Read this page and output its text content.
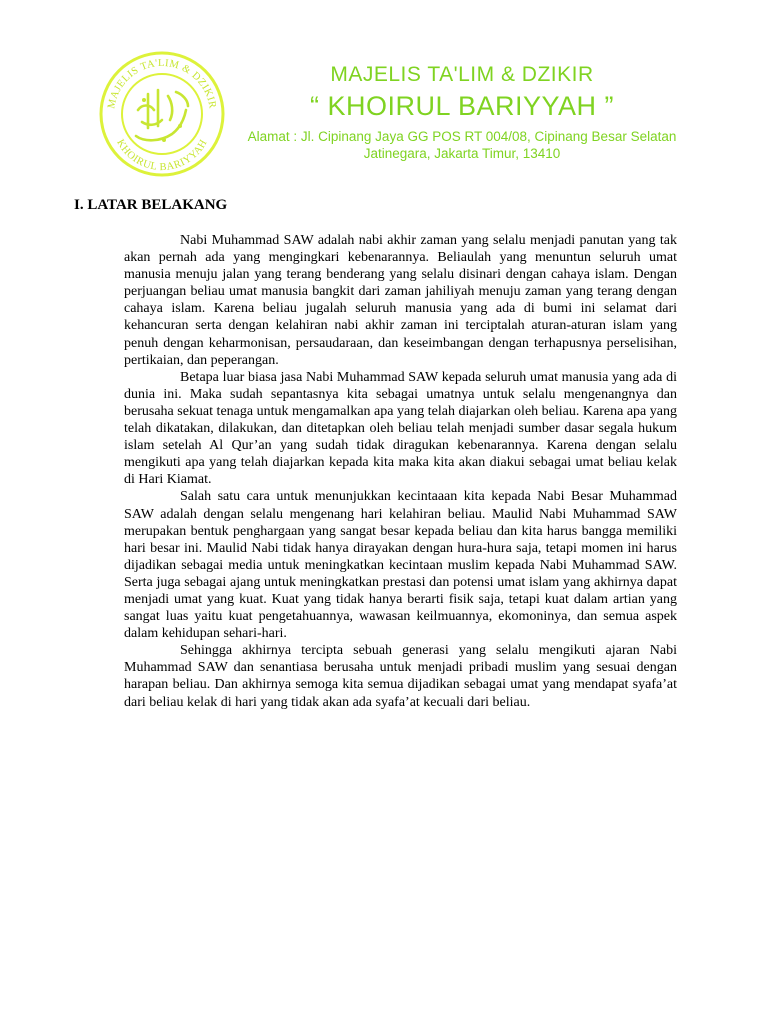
MAJELIS TA'LIM & DZIKIR
KHOIRUL BARIYYAH
MAJELIS TA'LIM & DZIKIR
“ KHOIRUL BARIYYAH ”
Alamat : Jl. Cipinang Jaya GG POS RT 004/08, Cipinang Besar Selatan
Jatinegara, Jakarta Timur, 13410
I. LATAR BELAKANG

Nabi Muhammad SAW adalah nabi akhir zaman yang selalu menjadi panutan yang tak akan pernah ada yang mengingkari kebenarannya. Beliaulah yang menuntun seluruh umat manusia menuju jalan yang terang benderang yang selalu disinari dengan cahaya islam. Dengan perjuangan beliau umat manusia bangkit dari zaman jahiliyah menuju zaman yang terang dengan cahaya islam. Karena beliau jugalah seluruh manusia yang ada di bumi ini selamat dari kehancuran serta dengan kelahiran nabi akhir zaman ini terciptalah aturan-aturan islam yang penuh dengan keharmonisan, persaudaraan, dan keseimbangan dengan terhapusnya perselisihan, pertikaian, dan peperangan.

Betapa luar biasa jasa Nabi Muhammad SAW kepada seluruh umat manusia yang ada di dunia ini. Maka sudah sepantasnya kita sebagai umatnya untuk selalu mengenangnya dan berusaha sekuat tenaga untuk mengamalkan apa yang telah diajarkan oleh beliau. Karena apa yang telah dikatakan, dilakukan, dan ditetapkan oleh beliau telah menjadi sumber dasar segala hukum islam setelah Al Qur’an yang sudah tidak diragukan kebenarannya. Karena dengan selalu mengikuti apa yang telah diajarkan kepada kita maka kita akan diakui sebagai umat beliau kelak di Hari Kiamat.

Salah satu cara untuk menunjukkan kecintaaan kita kepada Nabi Besar Muhammad SAW adalah dengan selalu mengenang hari kelahiran beliau. Maulid Nabi Muhammad SAW merupakan bentuk penghargaan yang sangat besar kepada beliau dan kita harus bangga memiliki hari besar ini. Maulid Nabi tidak hanya dirayakan dengan hura-hura saja, tetapi momen ini harus dijadikan sebagai media untuk meningkatkan kecintaan muslim kepada Nabi Muhammad SAW. Serta juga sebagai ajang untuk meningkatkan prestasi dan potensi umat islam yang akhirnya dapat menjadi umat yang kuat. Kuat yang tidak hanya berarti fisik saja, tetapi kuat dalam artian yang sangat luas yaitu kuat pengetahuannya, wawasan keilmuannya, ekomoninya, dan semua aspek dalam kehidupan sehari-hari.

Sehingga akhirnya tercipta sebuah generasi yang selalu mengikuti ajaran Nabi Muhammad SAW dan senantiasa berusaha untuk menjadi pribadi muslim yang sesuai dengan harapan beliau. Dan akhirnya semoga kita semua dijadikan sebagai umat yang mendapat syafa’at dari beliau kelak di hari yang tidak akan ada syafa’at kecuali dari beliau.
